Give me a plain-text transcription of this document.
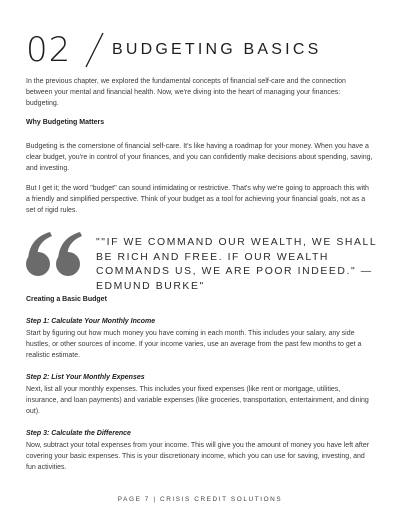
02	BUDGETING BASICS

In the previous chapter, we explored the fundamental concepts of financial self-care and the connection between your mental and financial health. Now, we're diving into the heart of managing your finances: budgeting.

Why Budgeting Matters

Budgeting is the cornerstone of financial self-care. It's like having a roadmap for your money. When you have a clear budget, you're in control of your finances, and you can confidently make decisions about spending, saving, and investing.

But I get it; the word "budget" can sound intimidating or restrictive. That's why we're going to approach this with a friendly and simplified perspective. Think of your budget as a tool for achieving your financial goals, not as a set of rigid rules.

""IF WE COMMAND OUR WEALTH, WE SHALL BE RICH AND FREE. IF OUR WEALTH COMMANDS US, WE ARE POOR INDEED." — EDMUND BURKE"

Creating a Basic Budget

Step 1: Calculate Your Monthly Income

Start by figuring out how much money you have coming in each month. This includes your salary, any side hustles, or other sources of income. If your income varies, use an average from the past few months to get a realistic estimate.

Step 2: List Your Monthly Expenses

Next, list all your monthly expenses. This includes your fixed expenses (like rent or mortgage, utilities, insurance, and loan payments) and variable expenses (like groceries, transportation, entertainment, and dining out).

Step 3: Calculate the Difference

Now, subtract your total expenses from your income. This will give you the amount of money you have left after covering your basic expenses. This is your discretionary income, which you can use for saving, investing, and fun activities.

PAGE 7 | CRISIS CREDIT SOLUTIONS
